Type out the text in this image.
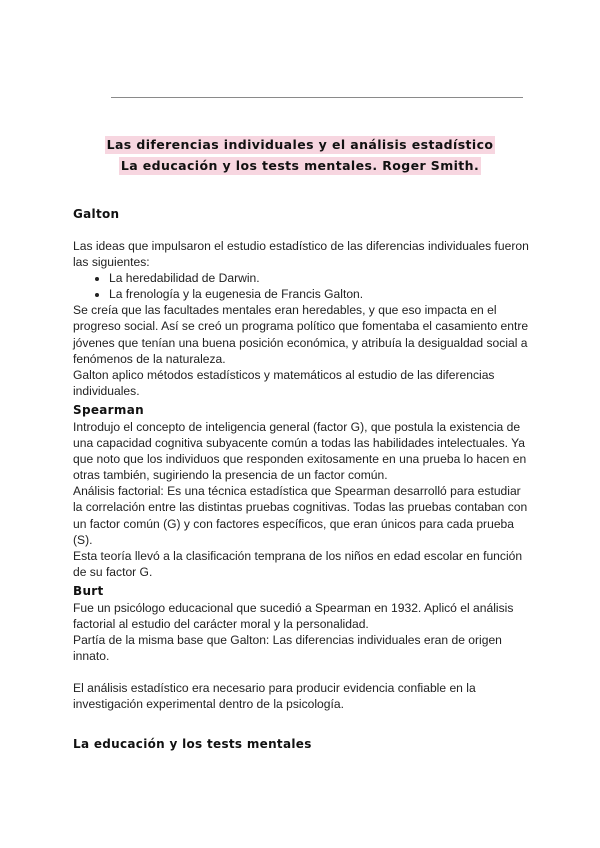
Las diferencias individuales y el análisis estadístico
La educación y los tests mentales. Roger Smith.
Galton

Las ideas que impulsaron el estudio estadístico de las diferencias individuales fueron las siguientes:

• La heredabilidad de Darwin.
• La frenología y la eugenesia de Francis Galton.

Se creía que las facultades mentales eran heredables, y que eso impacta en el progreso social. Así se creó un programa político que fomentaba el casamiento entre jóvenes que tenían una buena posición económica, y atribuía la desigualdad social a fenómenos de la naturaleza.

Galton aplico métodos estadísticos y matemáticos al estudio de las diferencias individuales.

Spearman

Introdujo el concepto de inteligencia general (factor G), que postula la existencia de una capacidad cognitiva subyacente común a todas las habilidades intelectuales. Ya que noto que los individuos que responden exitosamente en una prueba lo hacen en otras también, sugiriendo la presencia de un factor común.

Análisis factorial: Es una técnica estadística que Spearman desarrolló para estudiar la correlación entre las distintas pruebas cognitivas. Todas las pruebas contaban con un factor común (G) y con factores específicos, que eran únicos para cada prueba (S).

Esta teoría llevó a la clasificación temprana de los niños en edad escolar en función de su factor G.

Burt

Fue un psicólogo educacional que sucedió a Spearman en 1932. Aplicó el análisis factorial al estudio del carácter moral y la personalidad.

Partía de la misma base que Galton: Las diferencias individuales eran de origen innato.

El análisis estadístico era necesario para producir evidencia confiable en la investigación experimental dentro de la psicología.

La educación y los tests mentales
